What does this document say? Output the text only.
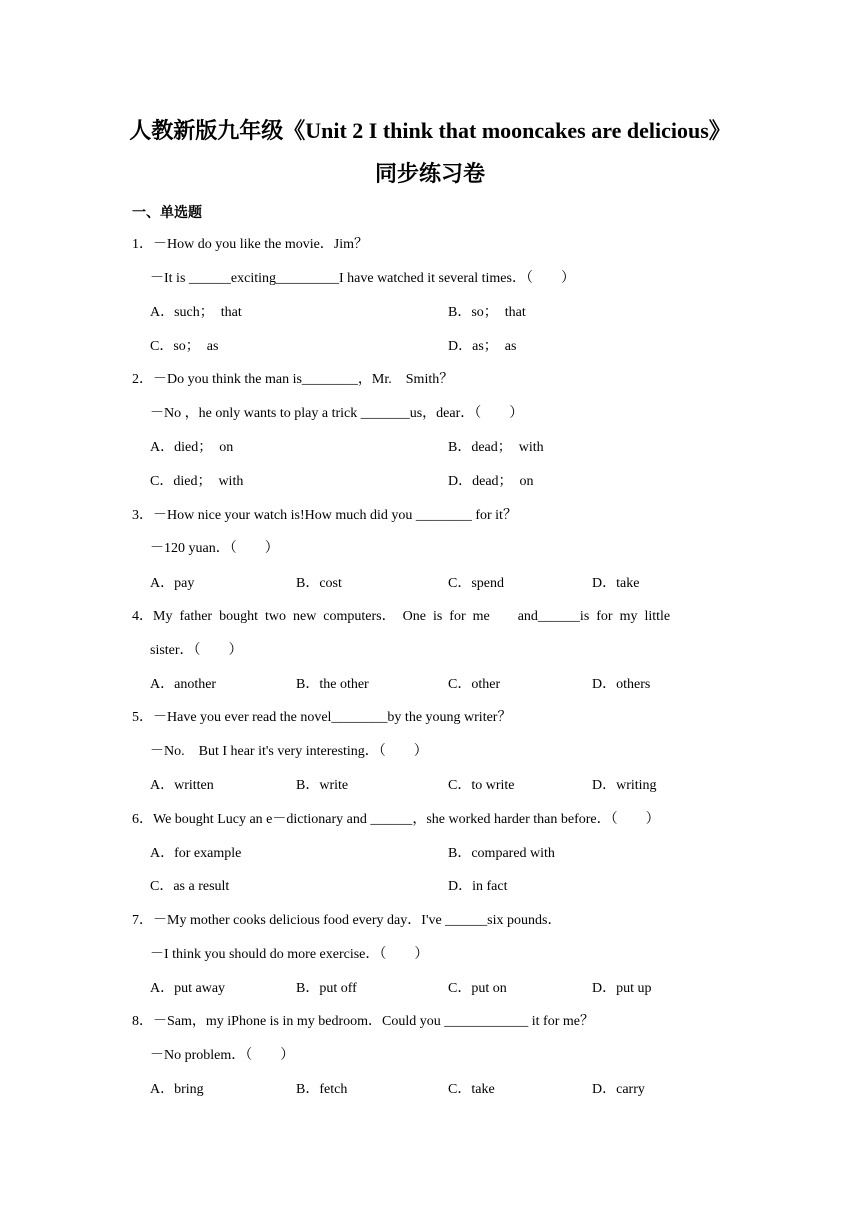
人教新版九年级《Unit 2 I think that mooncakes are delicious》
同步练习卷
一、单选题
1．－How do you like the movie．Jim？
－It is ______exciting_________I have watched it several times．（　　）
A．such；　that	B．so；　that
C．so；　as	D．as；　as
2．－Do you think the man is________，Mr.　Smith？
－No ，he only wants to play a trick _______us，dear．（　　）
A．died；　on	B．dead；　with
C．died；　with	D．dead；　on
3．－How nice your watch is!How much did you ________ for it？
－120 yuan．（　　）
A．pay	B．cost	C．spend	D．take
4．My  father  bought  two  new  computers．  One  is  for  me        and______is  for  my  little
sister．（　　）
A．another	B．the other	C．other	D．others
5．－Have you ever read the novel________by the young writer？
－No.　But I hear it's very interesting．（　　）
A．written	B．write	C．to write	D．writing
6．We bought Lucy an e－dictionary and ______，she worked harder than before．（　　）
A．for example	B．compared with
C．as a result	D．in fact
7．－My mother cooks delicious food every day．I've ______six pounds．
－I think you should do more exercise．（　　）
A．put away	B．put off	C．put on	D．put up
8．－Sam，my iPhone is in my bedroom．Could you ____________ it for me？
－No problem．（　　）
A．bring	B．fetch	C．take	D．carry
